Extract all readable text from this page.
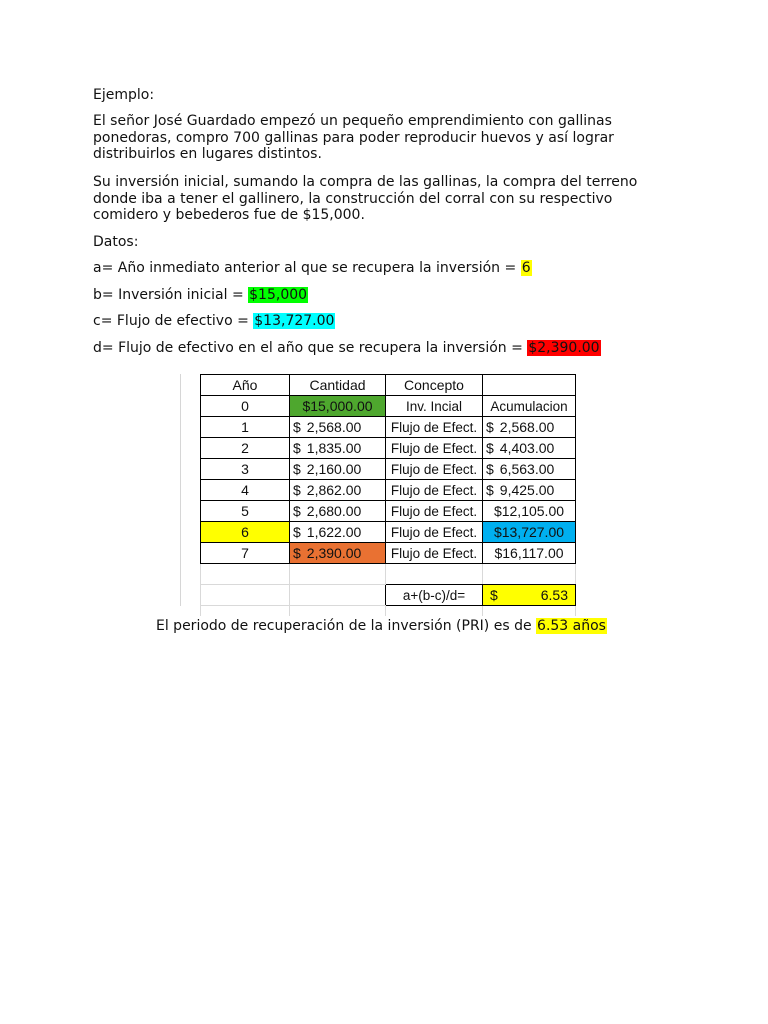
Ejemplo:

El señor José Guardado empezó un pequeño emprendimiento con gallinas
ponedoras, compro 700 gallinas para poder reproducir huevos y así lograr
distribuirlos en lugares distintos.

Su inversión inicial, sumando la compra de las gallinas, la compra del terreno
donde iba a tener el gallinero, la construcción del corral con su respectivo
comidero y bebederos fue de $15,000.

Datos:

a= Año inmediato anterior al que se recupera la inversión = 6

b= Inversión inicial = $15,000

c= Flujo de efectivo = $13,727.00

d= Flujo de efectivo en el año que se recupera la inversión = $2,390.00

Año	Cantidad	Concepto	
0	$15,000.00	Inv. Incial	Acumulacion
1	$ 2,568.00	Flujo de Efect.	$ 2,568.00

2	$ 1,835.00	Flujo de Efect.	$ 4,403.00

3	$ 2,160.00	Flujo de Efect.	$ 6,563.00

4	$ 2,862.00	Flujo de Efect.	$ 9,425.00

5	$ 2,680.00	Flujo de Efect.	$12,105.00
6	$ 1,622.00	Flujo de Efect.	$13,727.00
7	$ 2,390.00	Flujo de Efect.	$16,117.00

		a+(b-c)/d=	$ 6.53

El periodo de recuperación de la inversión (PRI) es de 6.53 años
